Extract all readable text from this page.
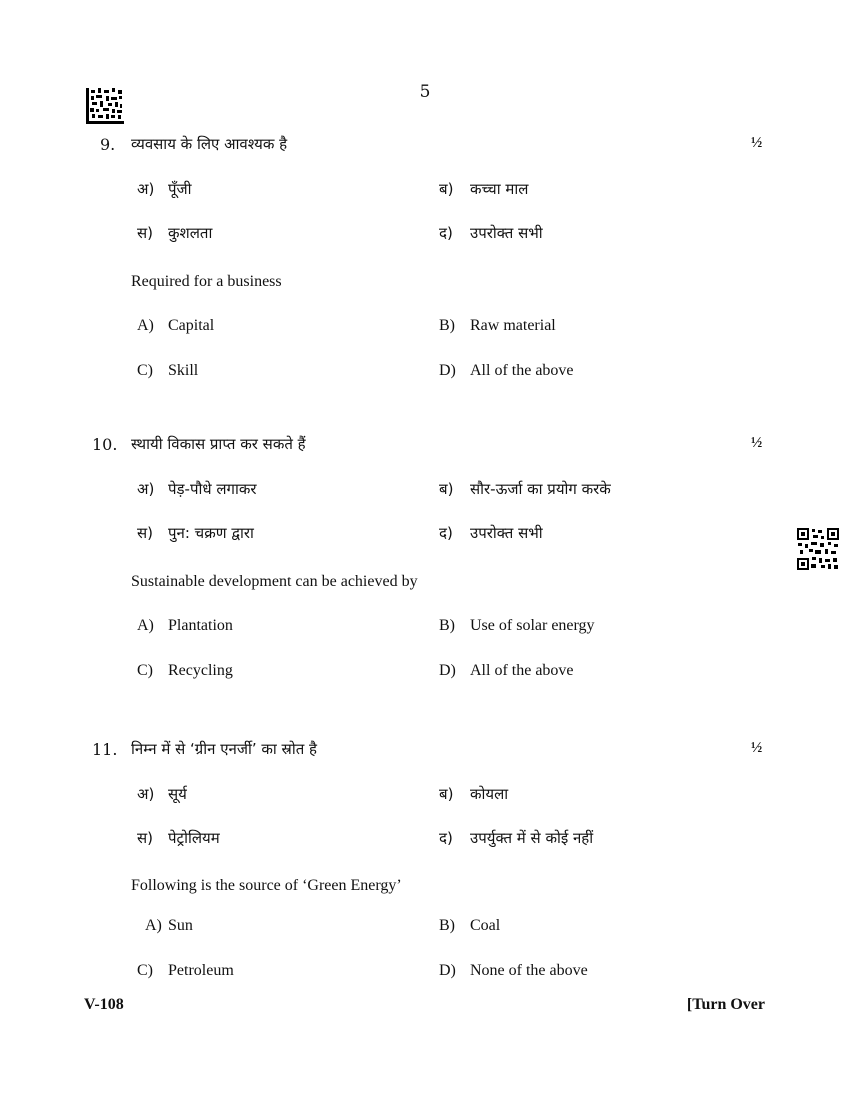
5
9. व्यवसाय के लिए आवश्यक है	½
अ) पूँजी	ब)	कच्चा माल
स)	कुशलता	द)	उपरोक्त सभी
Required for a business
A) Capital	B) Raw material
C) Skill	D) All of the above
10. स्थायी विकास प्राप्त कर सकते हैं	½
अ) पेड़-पौधे लगाकर	ब)	सौर-ऊर्जा का प्रयोग करके
स)	पुन: चक्रण द्वारा	द)	उपरोक्त सभी
Sustainable development can be achieved by
A) Plantation	B) Use of solar energy
C) Recycling	D) All of the above
11. निम्न में से ‘ग्रीन एनर्जी’ का स्रोत है	½
अ) सूर्य	ब)	कोयला
स)	पेट्रोलियम	द)	उपर्युक्त में से कोई नहीं
Following is the source of ‘Green Energy’
A) Sun	B) Coal
C) Petroleum	D) None of the above
V-108	[Turn Over
